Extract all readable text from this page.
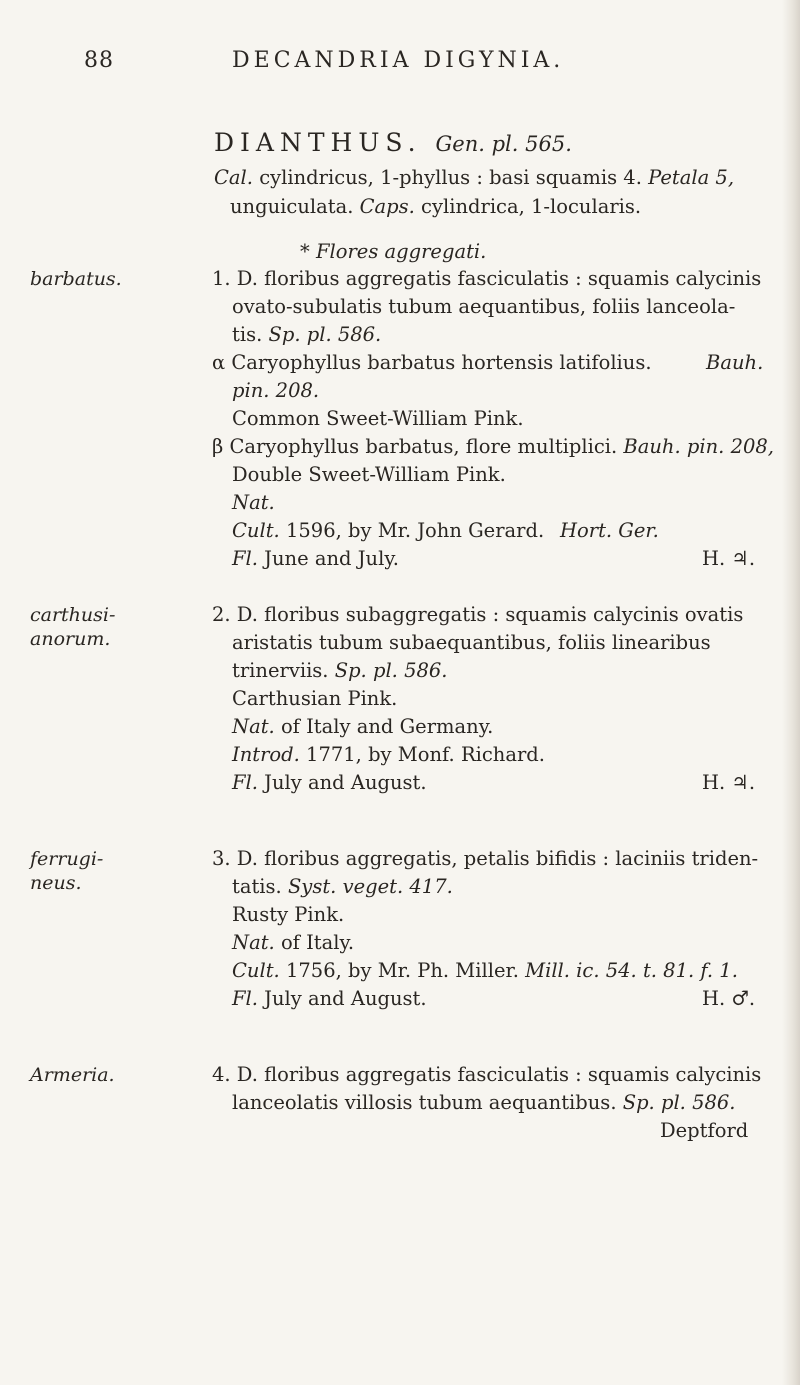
88	DECANDRIA DIGYNIA.
DIANTHUS. Gen. pl. 565.
Cal. cylindricus, 1-phyllus : basi squamis 4. Petala 5,
unguiculata. Caps. cylindrica, 1-locularis.
* Flores aggregati.
barbatus.	1. D. floribus aggregatis fasciculatis : squamis calycinis
ovato-subulatis tubum aequantibus, foliis lanceola-
tis. Sp. pl. 586.
α Caryophyllus barbatus hortensis latifolius.	Bauh.
pin. 208.
Common Sweet-William Pink.
β Caryophyllus barbatus, flore multiplici. Bauh. pin. 208,
Double Sweet-William Pink.
Nat.
Cult. 1596, by Mr. John Gerard. Hort. Ger.
Fl. June and July.	H. ♃.
carthusi-
anorum.
2. D. floribus subaggregatis : squamis calycinis ovatis
aristatis tubum subaequantibus, foliis linearibus
trinerviis. Sp. pl. 586.
Carthusian Pink.
Nat. of Italy and Germany.
Introd. 1771, by Monf. Richard.
Fl. July and August.	H. ♃.
ferrugi-
neus.
3. D. floribus aggregatis, petalis bifidis : laciniis triden-
tatis. Syst. veget. 417.
Rusty Pink.
Nat. of Italy.
Cult. 1756, by Mr. Ph. Miller. Mill. ic. 54. t. 81. f. 1.
Fl. July and August.	H. ♂.
Armeria.	4. D. floribus aggregatis fasciculatis : squamis calycinis
lanceolatis villosis tubum aequantibus. Sp. pl. 586.
Deptford
